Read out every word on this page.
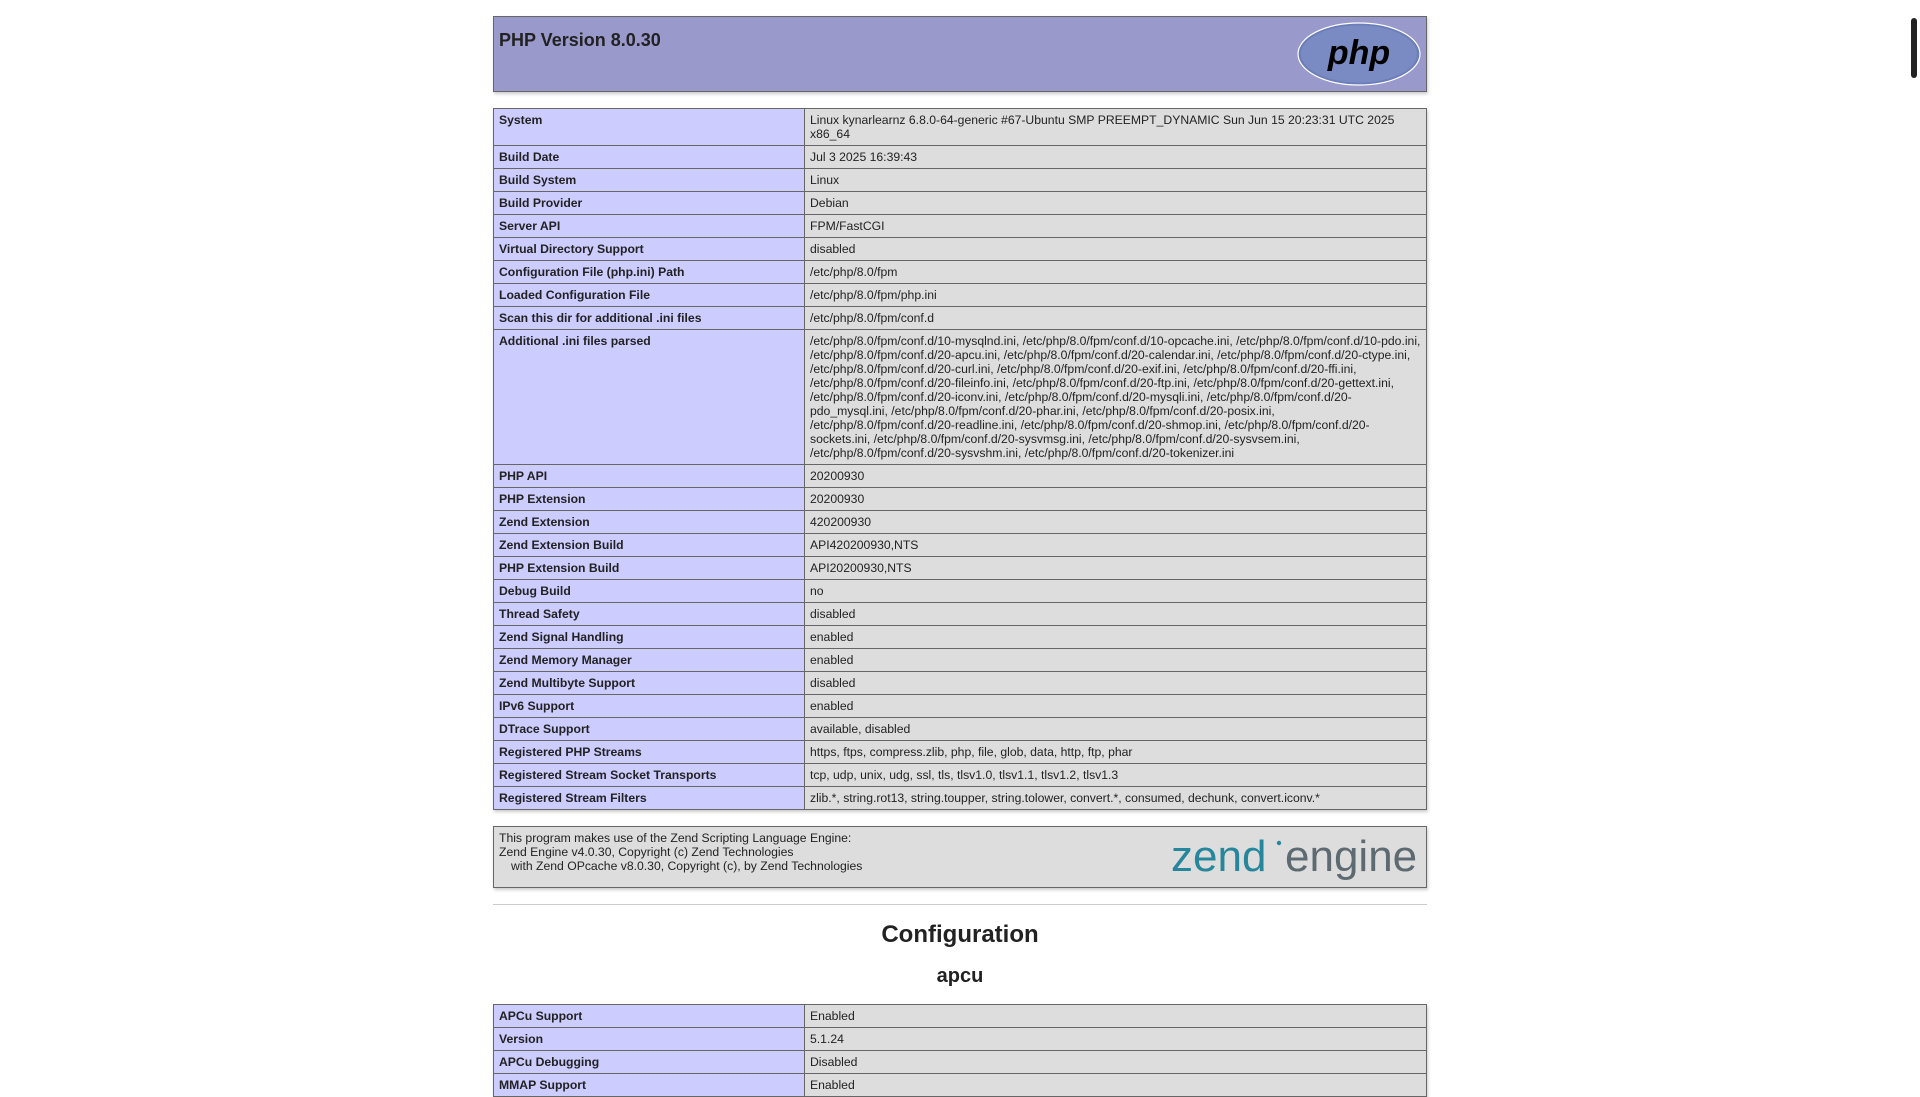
PHP Version 8.0.30	php
System	Linux kynarlearnz 6.8.0-64-generic #67-Ubuntu SMP PREEMPT_DYNAMIC Sun Jun 15 20:23:31 UTC 2025 x86_64
Build Date	Jul 3 2025 16:39:43
Build System	Linux
Build Provider	Debian
Server API	FPM/FastCGI
Virtual Directory Support	disabled
Configuration File (php.ini) Path	/etc/php/8.0/fpm
Loaded Configuration File	/etc/php/8.0/fpm/php.ini
Scan this dir for additional .ini files	/etc/php/8.0/fpm/conf.d
Additional .ini files parsed	/etc/php/8.0/fpm/conf.d/10-mysqlnd.ini, /etc/php/8.0/fpm/conf.d/10-opcache.ini, /etc/php/8.0/fpm/conf.d/10-pdo.ini, /etc/php/8.0/fpm/conf.d/20-apcu.ini, /etc/php/8.0/fpm/conf.d/20-calendar.ini, /etc/php/8.0/fpm/conf.d/20-ctype.ini, /etc/php/8.0/fpm/conf.d/20-curl.ini, /etc/php/8.0/fpm/conf.d/20-exif.ini, /etc/php/8.0/fpm/conf.d/20-ffi.ini, /etc/php/8.0/fpm/conf.d/20-fileinfo.ini, /etc/php/8.0/fpm/conf.d/20-ftp.ini, /etc/php/8.0/fpm/conf.d/20-gettext.ini, /etc/php/8.0/fpm/conf.d/20-iconv.ini, /etc/php/8.0/fpm/conf.d/20-mysqli.ini, /etc/php/8.0/fpm/conf.d/20-pdo_mysql.ini, /etc/php/8.0/fpm/conf.d/20-phar.ini, /etc/php/8.0/fpm/conf.d/20-posix.ini, /etc/php/8.0/fpm/conf.d/20-readline.ini, /etc/php/8.0/fpm/conf.d/20-shmop.ini, /etc/php/8.0/fpm/conf.d/20-sockets.ini, /etc/php/8.0/fpm/conf.d/20-sysvmsg.ini, /etc/php/8.0/fpm/conf.d/20-sysvsem.ini, /etc/php/8.0/fpm/conf.d/20-sysvshm.ini, /etc/php/8.0/fpm/conf.d/20-tokenizer.ini
PHP API	20200930
PHP Extension	20200930
Zend Extension	420200930
Zend Extension Build	API420200930,NTS
PHP Extension Build	API20200930,NTS
Debug Build	no
Thread Safety	disabled
Zend Signal Handling	enabled
Zend Memory Manager	enabled
Zend Multibyte Support	disabled
IPv6 Support	enabled
DTrace Support	available, disabled
Registered PHP Streams	https, ftps, compress.zlib, php, file, glob, data, http, ftp, phar
Registered Stream Socket Transports	tcp, udp, unix, udg, ssl, tls, tlsv1.0, tlsv1.1, tlsv1.2, tlsv1.3
Registered Stream Filters	zlib.*, string.rot13, string.toupper, string.tolower, convert.*, consumed, dechunk, convert.iconv.*
zend engine
This program makes use of the Zend Scripting Language Engine:
Zend Engine v4.0.30, Copyright (c) Zend Technologies
with Zend OPcache v8.0.30, Copyright (c), by Zend Technologies
Configuration
apcu
APCu Support	Enabled
Version	5.1.24
APCu Debugging	Disabled
MMAP Support	Enabled
